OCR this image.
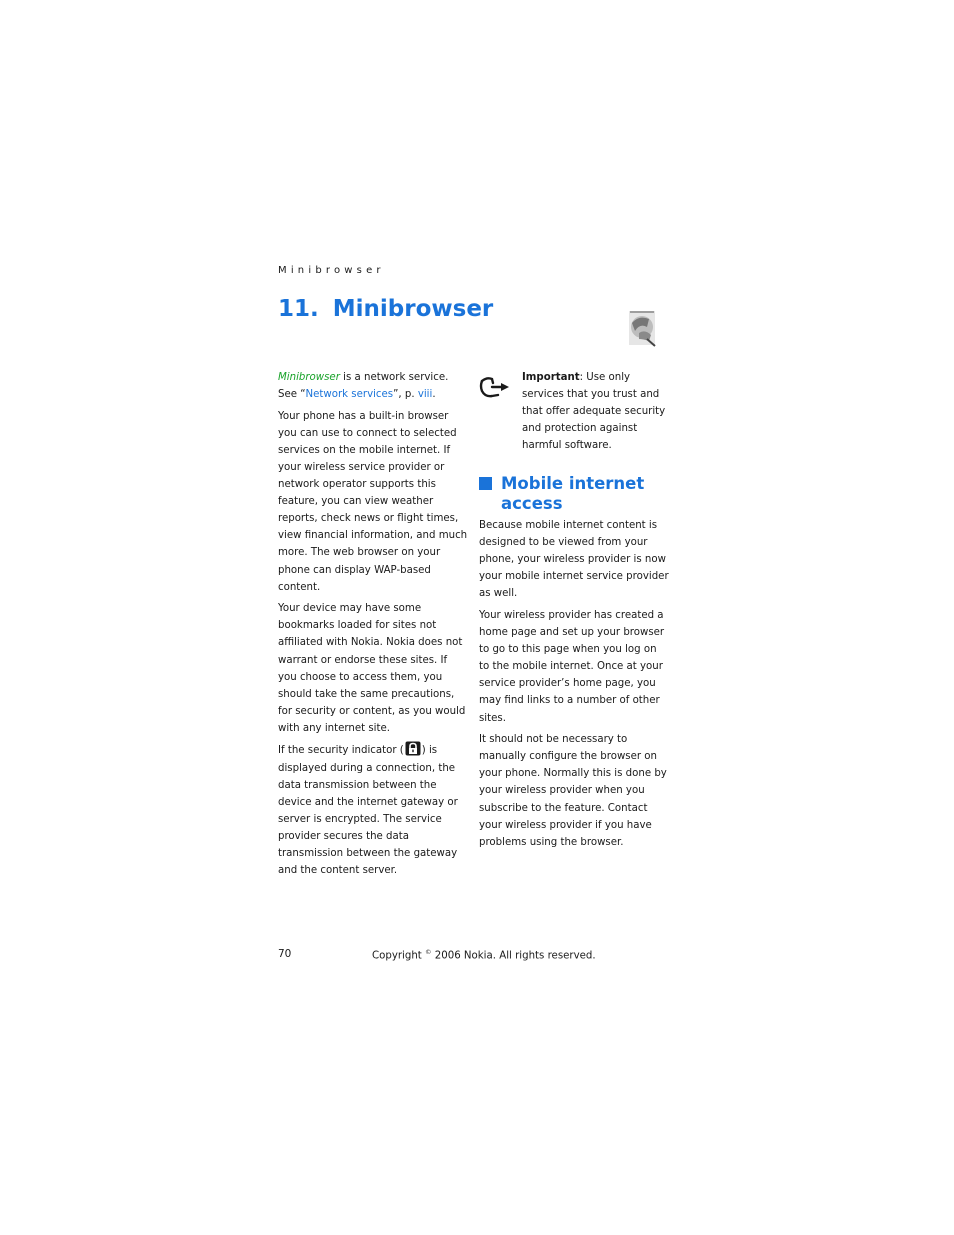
Minibrowser
11. Minibrowser

Minibrowser is a network service. See “Network services”, p. viii.

Your phone has a built-in browser you can use to connect to selected services on the mobile internet. If your wireless service provider or network operator supports this feature, you can view weather reports, check news or flight times, view financial information, and much more. The web browser on your phone can display WAP-based content.

Your device may have some bookmarks loaded for sites not affiliated with Nokia. Nokia does not warrant or endorse these sites. If you choose to access them, you should take the same precautions, for security or content, as you would with any internet site.

If the security indicator ( ) is displayed during a connection, the data transmission between the device and the internet gateway or server is encrypted. The service provider secures the data transmission between the gateway and the content server.

Important: Use only services that you trust and that offer adequate security and protection against harmful software.
Mobile internet access

Because mobile internet content is designed to be viewed from your phone, your wireless provider is now your mobile internet service provider as well.

Your wireless provider has created a home page and set up your browser to go to this page when you log on to the mobile internet. Once at your service provider’s home page, you may find links to a number of other sites.

It should not be necessary to manually configure the browser on your phone. Normally this is done by your wireless provider when you subscribe to the feature. Contact your wireless provider if you have problems using the browser.

70	Copyright © 2006 Nokia. All rights reserved.
